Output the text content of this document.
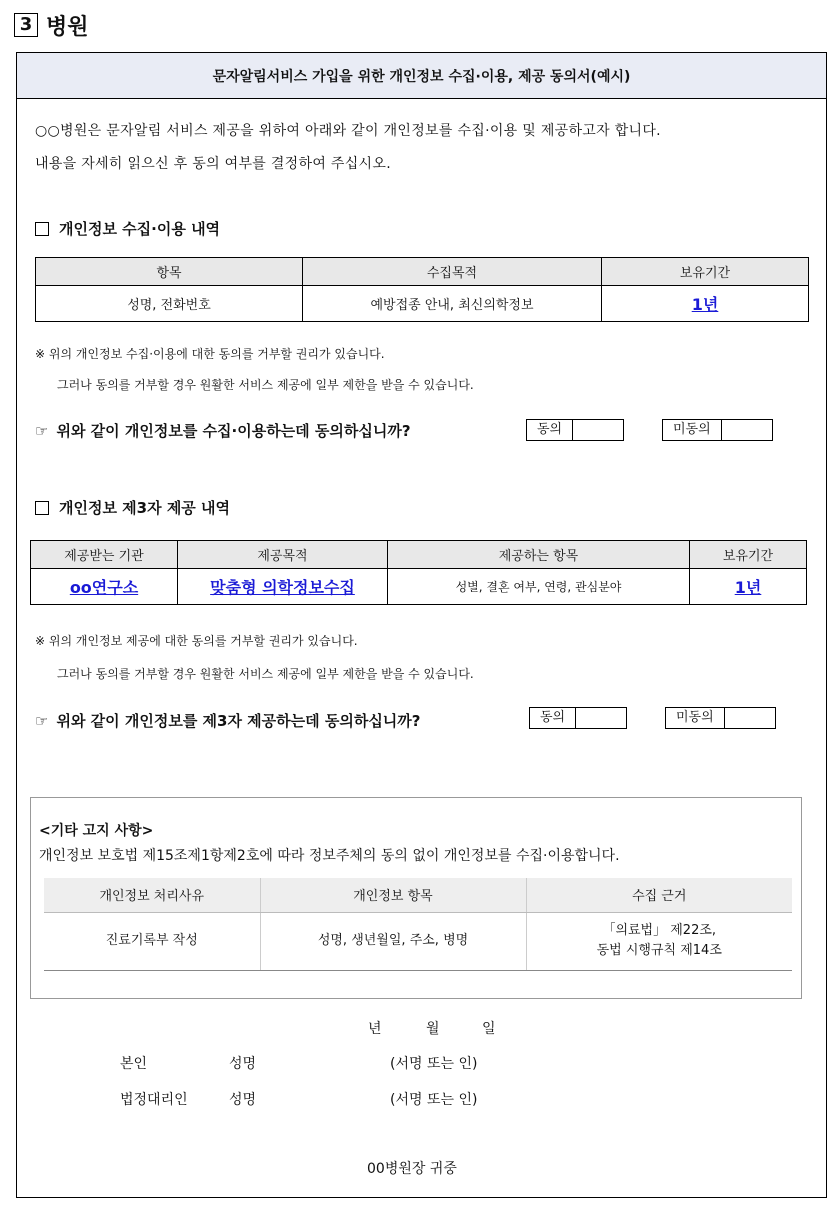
3 병원
문자알림서비스 가입을 위한 개인정보 수집·이용, 제공 동의서(예시)
○○병원은 문자알림 서비스 제공을 위하여 아래와 같이 개인정보를 수집·이용 및 제공하고자 합니다.
내용을 자세히 읽으신 후 동의 여부를 결정하여 주십시오.
개인정보 수집·이용 내역
항목	수집목적	보유기간
성명, 전화번호	예방접종 안내, 최신의학정보	1년
※ 위의 개인정보 수집·이용에 대한 동의를 거부할 권리가 있습니다.
그러나 동의를 거부할 경우 원활한 서비스 제공에 일부 제한을 받을 수 있습니다.
☞ 위와 같이 개인정보를 수집·이용하는데 동의하십니까?	동의	미동의
개인정보 제3자 제공 내역
제공받는 기관	제공목적	제공하는 항목	보유기간
oo연구소	맞춤형 의학정보수집	성별, 결혼 여부, 연령, 관심분야	1년
※ 위의 개인정보 제공에 대한 동의를 거부할 권리가 있습니다.
그러나 동의를 거부할 경우 원활한 서비스 제공에 일부 제한을 받을 수 있습니다.
☞ 위와 같이 개인정보를 제3자 제공하는데 동의하십니까?	동의	미동의
<기타 고지 사항>
개인정보 보호법 제15조제1항제2호에 따라 정보주체의 동의 없이 개인정보를 수집·이용합니다.
개인정보 처리사유	개인정보 항목	수집 근거
진료기록부 작성	성명, 생년월일, 주소, 병명	「의료법」 제22조,
동법 시행규칙 제14조
년	월	일
본인	성명	(서명 또는 인)
법정대리인	성명	(서명 또는 인)
00병원장 귀중
